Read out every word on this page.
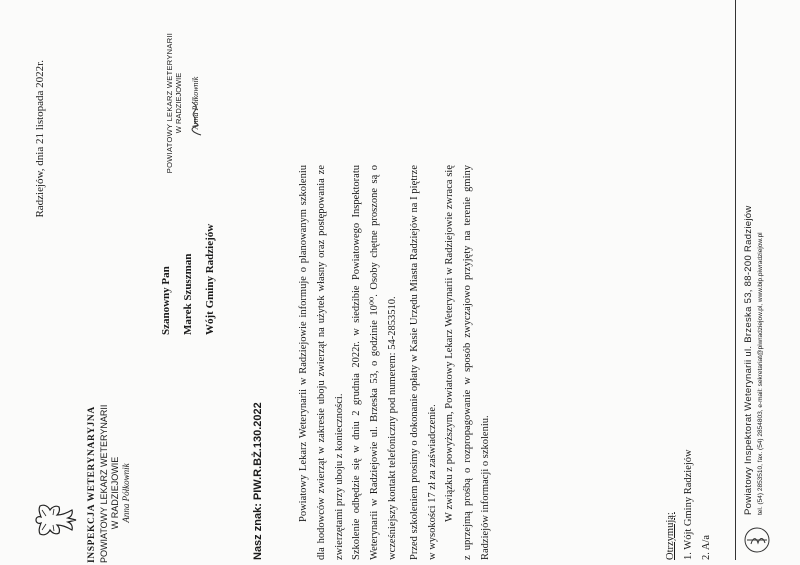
INSPEKCJA WETERYNARYJNA POWIATOWY LEKARZ WETERYNARII W RADZIEJOWIE Anna Półkownik
Radziejów, dnia 21 listopada 2022r.
Szanowny Pan Marek Szuszman Wójt Gminy Radziejów
Nasz znak: PIW.R.BŻ.130.2022	Powiatowy Lekarz Weterynarii w Radziejowie informuje o planowanym szkoleniu dla hodowców zwierząt w zakresie uboju zwierząt na użytek własny oraz postępowania ze zwierzętami przy uboju z konieczności. Szkolenie odbędzie się w dniu 2 grudnia 2022r. w siedzibie Powiatowego Inspektoratu Weterynarii w Radziejowie ul. Brzeska 53, o godzinie 10⁰⁰. Osoby chętne proszone są o wcześniejszy kontakt telefoniczny pod numerem: 54-2853510.	Przed szkoleniem prosimy o dokonanie opłaty w Kasie Urzędu Miasta Radziejów na I piętrze w wysokości 17 zł za zaświadczenie. W związku z powyższym, Powiatowy Lekarz Weterynarii w Radziejowie zwraca się z uprzejmą prośbą o rozpropagowanie w sposób zwyczajowo przyjęty na terenie gminy Radziejów informacji o szkoleniu.

POWIATOWY LEKARZ WETERYNARII W RADZIEJOWIE Anna Półkownik
Otrzymują: 1. Wójt Gminy Radziejów 2. A/a
Powiatowy Inspektorat Weterynarii ul. Brzeska 53, 88-200 Radziejów tel. (54) 2853510, fax. (54) 2854803, e-mail: sekretariat@piwradziejow.pl, www.bip.piwradziejow.pl
